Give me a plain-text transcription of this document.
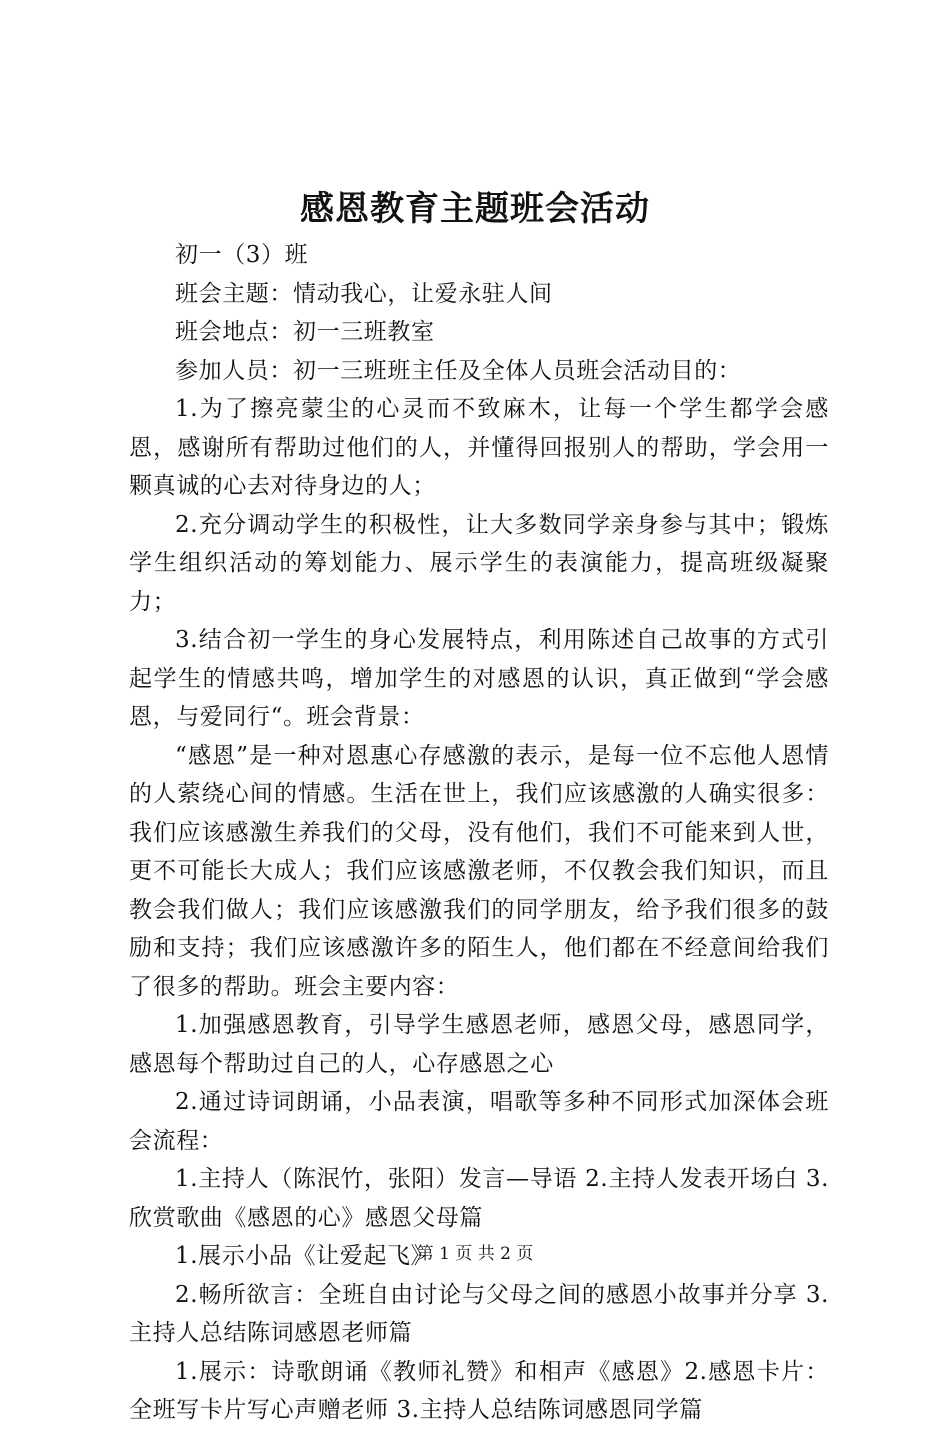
感恩教育主题班会活动

初一（3）班

班会主题：情动我心，让爱永驻人间

班会地点：初一三班教室

参加人员：初一三班班主任及全体人员班会活动目的：

1.为了擦亮蒙尘的心灵而不致麻木，让每一个学生都学会感恩，感谢所有帮助过他们的人，并懂得回报别人的帮助，学会用一颗真诚的心去对待身边的人；

2.充分调动学生的积极性，让大多数同学亲身参与其中；锻炼学生组织活动的筹划能力、展示学生的表演能力，提高班级凝聚力；

3.结合初一学生的身心发展特点，利用陈述自己故事的方式引起学生的情感共鸣，增加学生的对感恩的认识，真正做到“学会感恩，与爱同行“。班会背景：

“感恩”是一种对恩惠心存感激的表示，是每一位不忘他人恩情的人萦绕心间的情感。生活在世上，我们应该感激的人确实很多：我们应该感激生养我们的父母，没有他们，我们不可能来到人世，更不可能长大成人；我们应该感激老师，不仅教会我们知识，而且教会我们做人；我们应该感激我们的同学朋友，给予我们很多的鼓励和支持；我们应该感激许多的陌生人，他们都在不经意间给我们了很多的帮助。班会主要内容：

1.加强感恩教育，引导学生感恩老师，感恩父母，感恩同学，感恩每个帮助过自己的人，心存感恩之心

2.通过诗词朗诵，小品表演，唱歌等多种不同形式加深体会班会流程：

1.主持人（陈泯竹，张阳）发言—导语 2.主持人发表开场白 3.欣赏歌曲《感恩的心》感恩父母篇

1.展示小品《让爱起飞》

2.畅所欲言：全班自由讨论与父母之间的感恩小故事并分享 3.主持人总结陈词感恩老师篇

1.展示：诗歌朗诵《教师礼赞》和相声《感恩》2.感恩卡片：全班写卡片写心声赠老师 3.主持人总结陈词感恩同学篇

第 1 页 共 2 页
